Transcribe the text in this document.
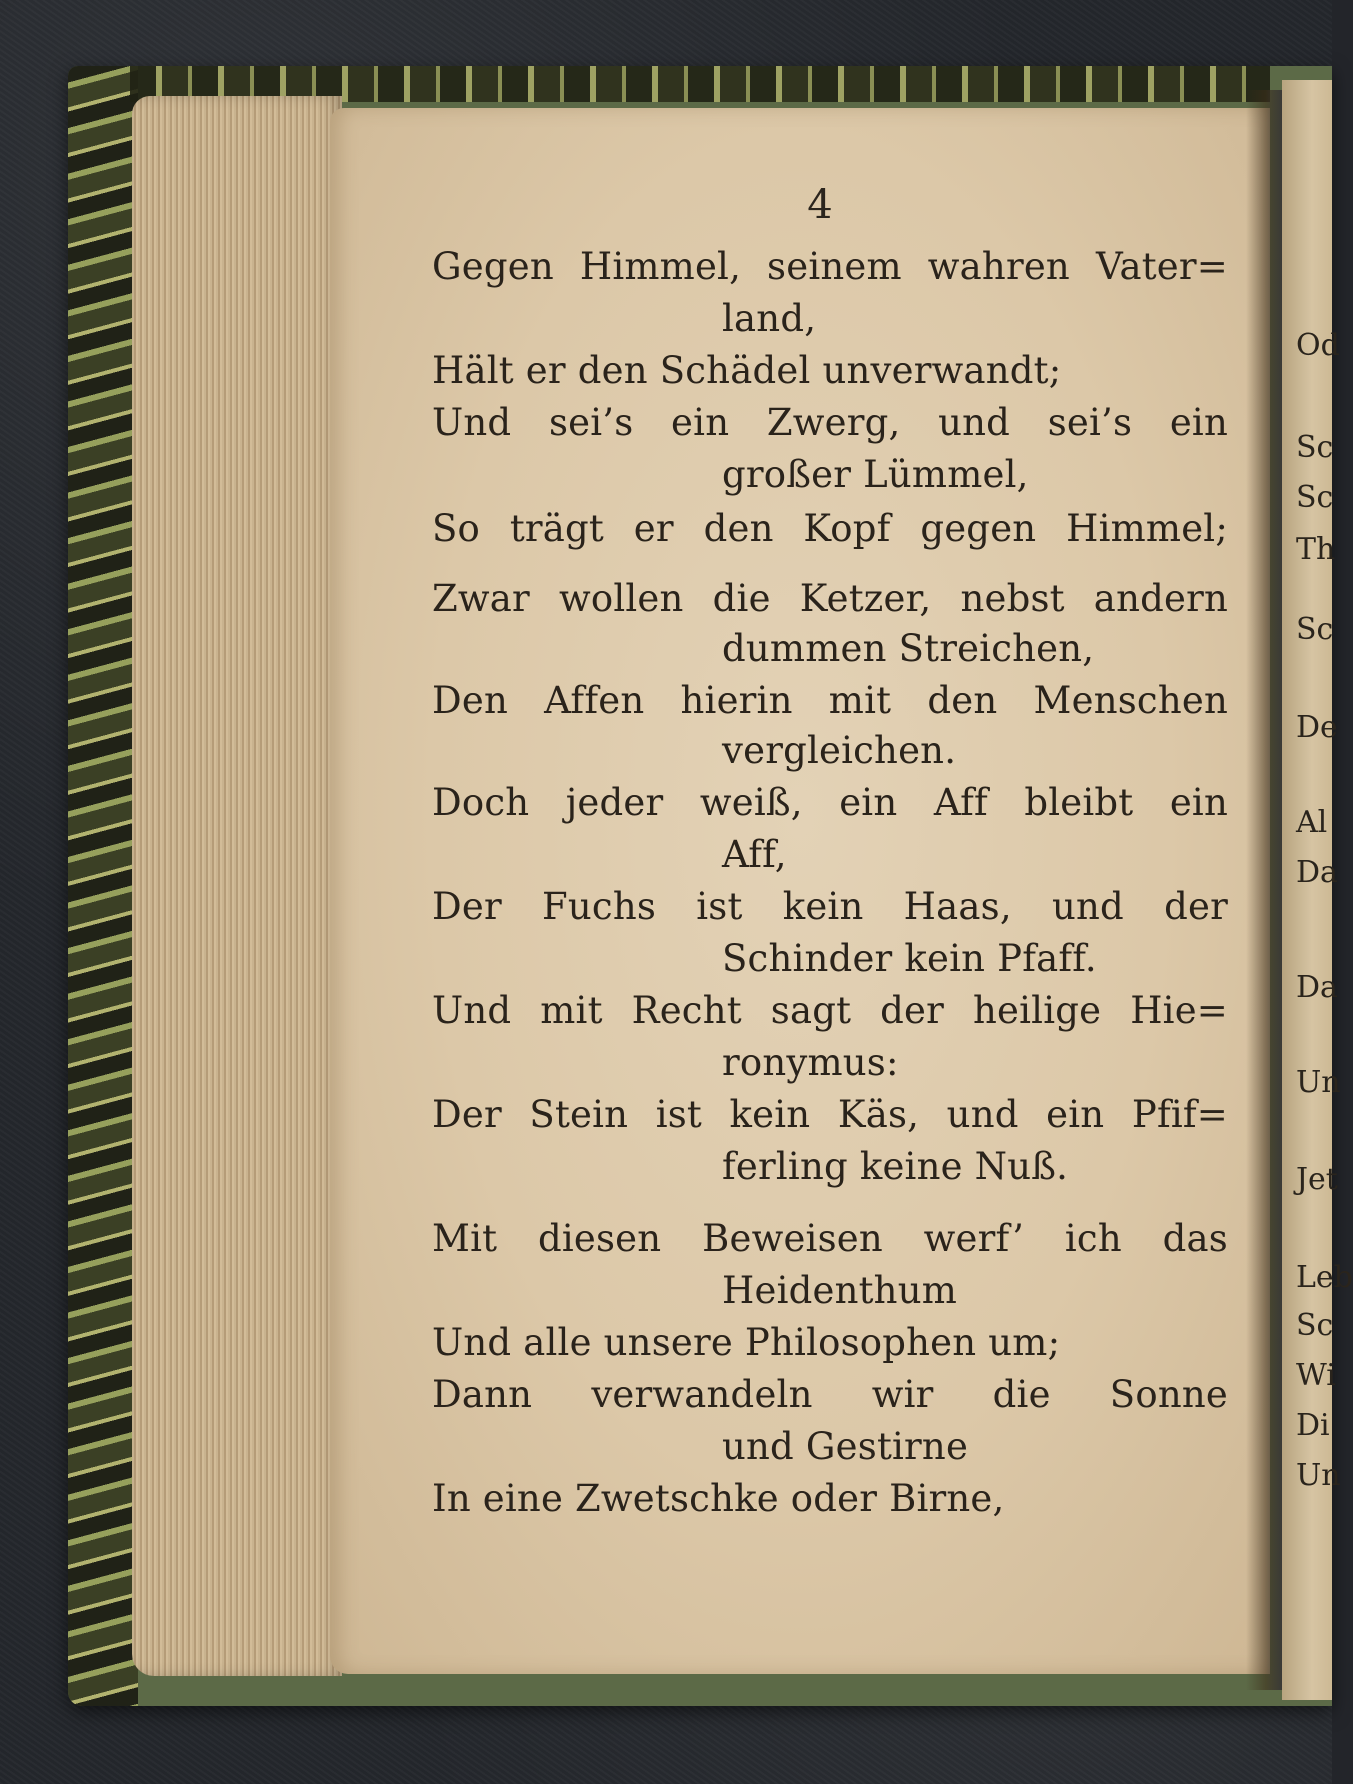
Od
Sc
Sc
Th
Sc
De
Al
Da
Da
Un
Jet
Leb
Sc
Wi
Di
Un
4
Gegen Himmel, seinem wahren Vater=
land,
Hält er den Schädel unverwandt;
Und sei’s ein Zwerg, und sei’s ein
großer Lümmel,
So trägt er den Kopf gegen Himmel;
Zwar wollen die Ketzer, nebst andern
dummen Streichen,
Den Affen hierin mit den Menschen
vergleichen.
Doch jeder weiß, ein Aff bleibt ein
Aff,
Der Fuchs ist kein Haas, und der
Schinder kein Pfaff.
Und mit Recht sagt der heilige Hie=
ronymus:
Der Stein ist kein Käs, und ein Pfif=
ferling keine Nuß.
Mit diesen Beweisen werf’ ich das
Heidenthum
Und alle unsere Philosophen um;
Dann verwandeln wir die Sonne
und Gestirne
In eine Zwetschke oder Birne,
